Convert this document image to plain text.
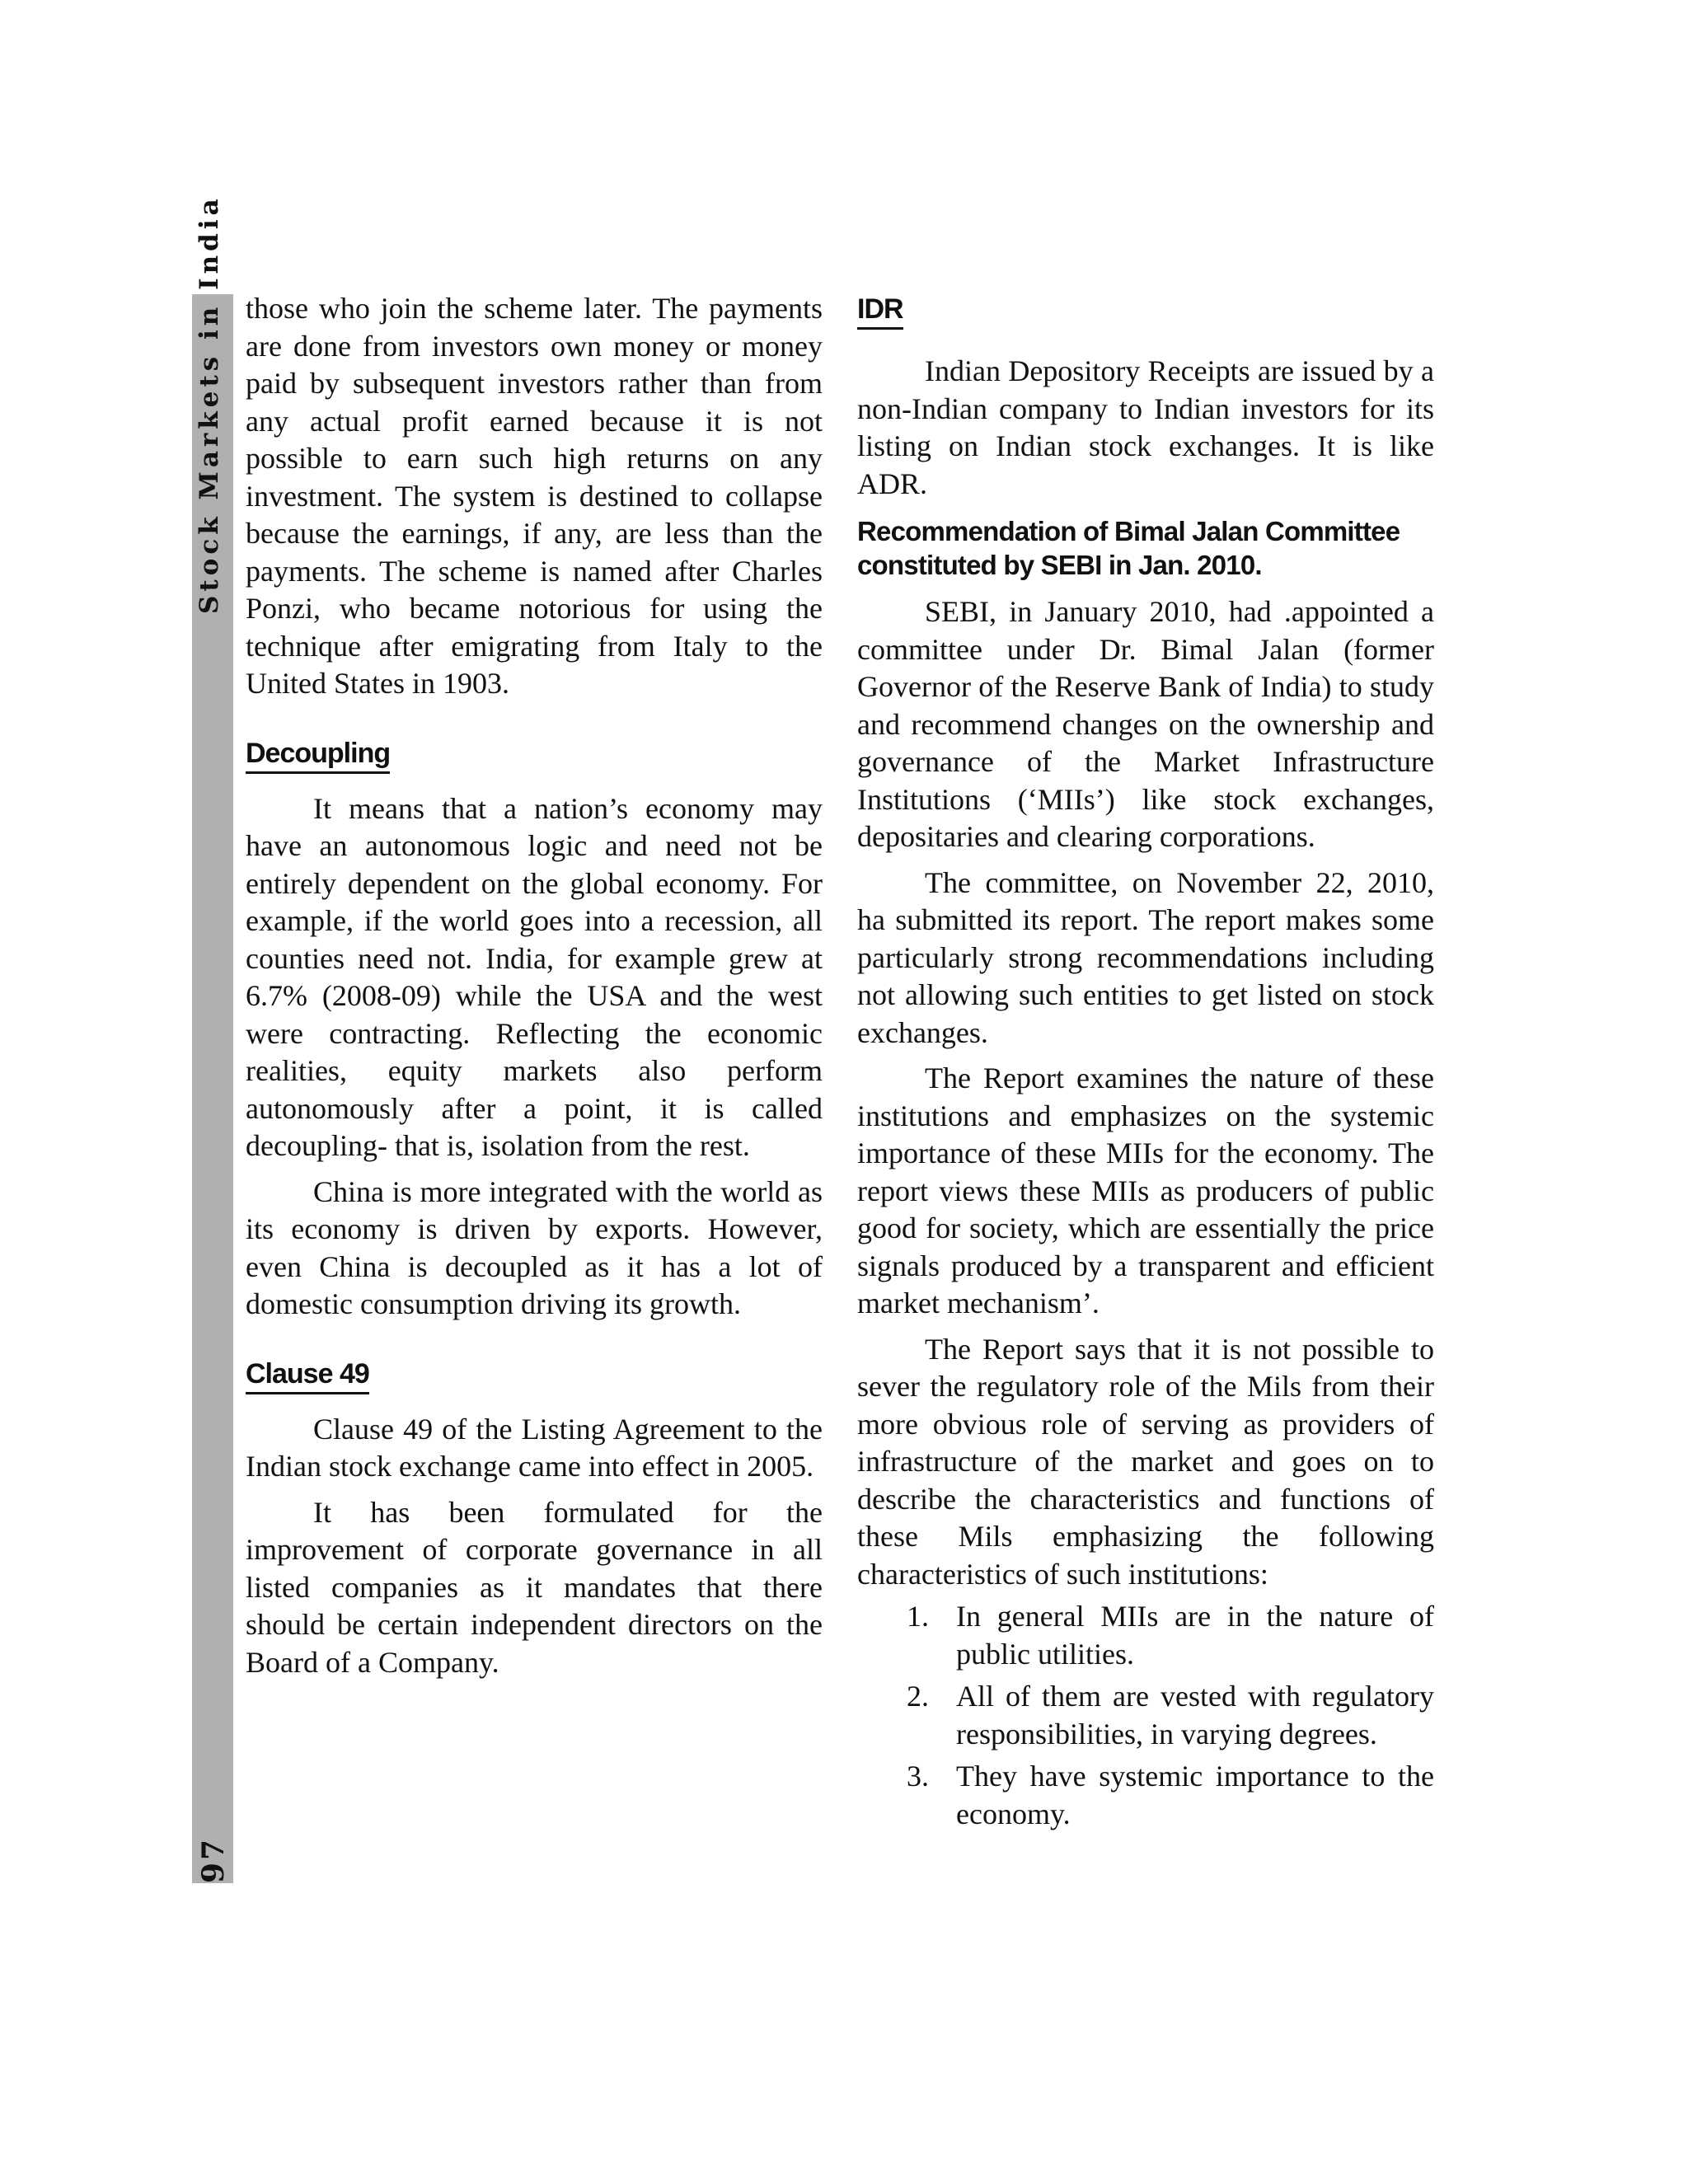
Stock Markets in India
97

those who join the scheme later. The payments are done from investors own money or money paid by subsequent investors rather than from any actual profit earned because it is not possible to earn such high returns on any investment. The system is destined to collapse because the earnings, if any, are less than the payments. The scheme is named after Charles Ponzi, who became notorious for using the technique after emigrating from Italy to the United States in 1903.

Decoupling

It means that a nation’s economy may have an autonomous logic and need not be entirely dependent on the global economy. For example, if the world goes into a recession, all counties need not. India, for example grew at 6.7% (2008-09) while the USA and the west were contracting. Reflecting the economic realities, equity markets also perform autonomously after a point, it is called decoupling- that is, isolation from the rest.

China is more integrated with the world as its economy is driven by exports. However, even China is decoupled as it has a lot of domestic consumption driving its growth.

Clause 49

Clause 49 of the Listing Agreement to the Indian stock exchange came into effect in 2005.

It has been formulated for the improvement of corporate governance in all listed companies as it mandates that there should be certain independent directors on the Board of a Company.

IDR

Indian Depository Receipts are issued by a non-Indian company to Indian investors for its listing on Indian stock exchanges. It is like ADR.

Recommendation of Bimal Jalan Committee constituted by SEBI in Jan. 2010.

SEBI, in January 2010, had .appointed a committee under Dr. Bimal Jalan (former Governor of the Reserve Bank of India) to study and recommend changes on the ownership and governance of the Market Infrastructure Institutions (‘MIIs’) like stock exchanges, depositaries and clearing corporations.

The committee, on November 22, 2010, ha submitted its report. The report makes some particularly strong recommendations including not allowing such entities to get listed on stock exchanges.

The Report examines the nature of these institutions and emphasizes on the systemic importance of these MIIs for the economy. The report views these MIIs as producers of public good for society, which are essentially the price signals produced by a transparent and efficient market mechanism’.

The Report says that it is not possible to sever the regulatory role of the Mils from their more obvious role of serving as providers of infrastructure of the market and goes on to describe the characteristics and functions of these Mils emphasizing the following characteristics of such institutions:

1. In general MIIs are in the nature of public utilities.
2. All of them are vested with regulatory responsibilities, in varying degrees.
3. They have systemic importance to the economy.
